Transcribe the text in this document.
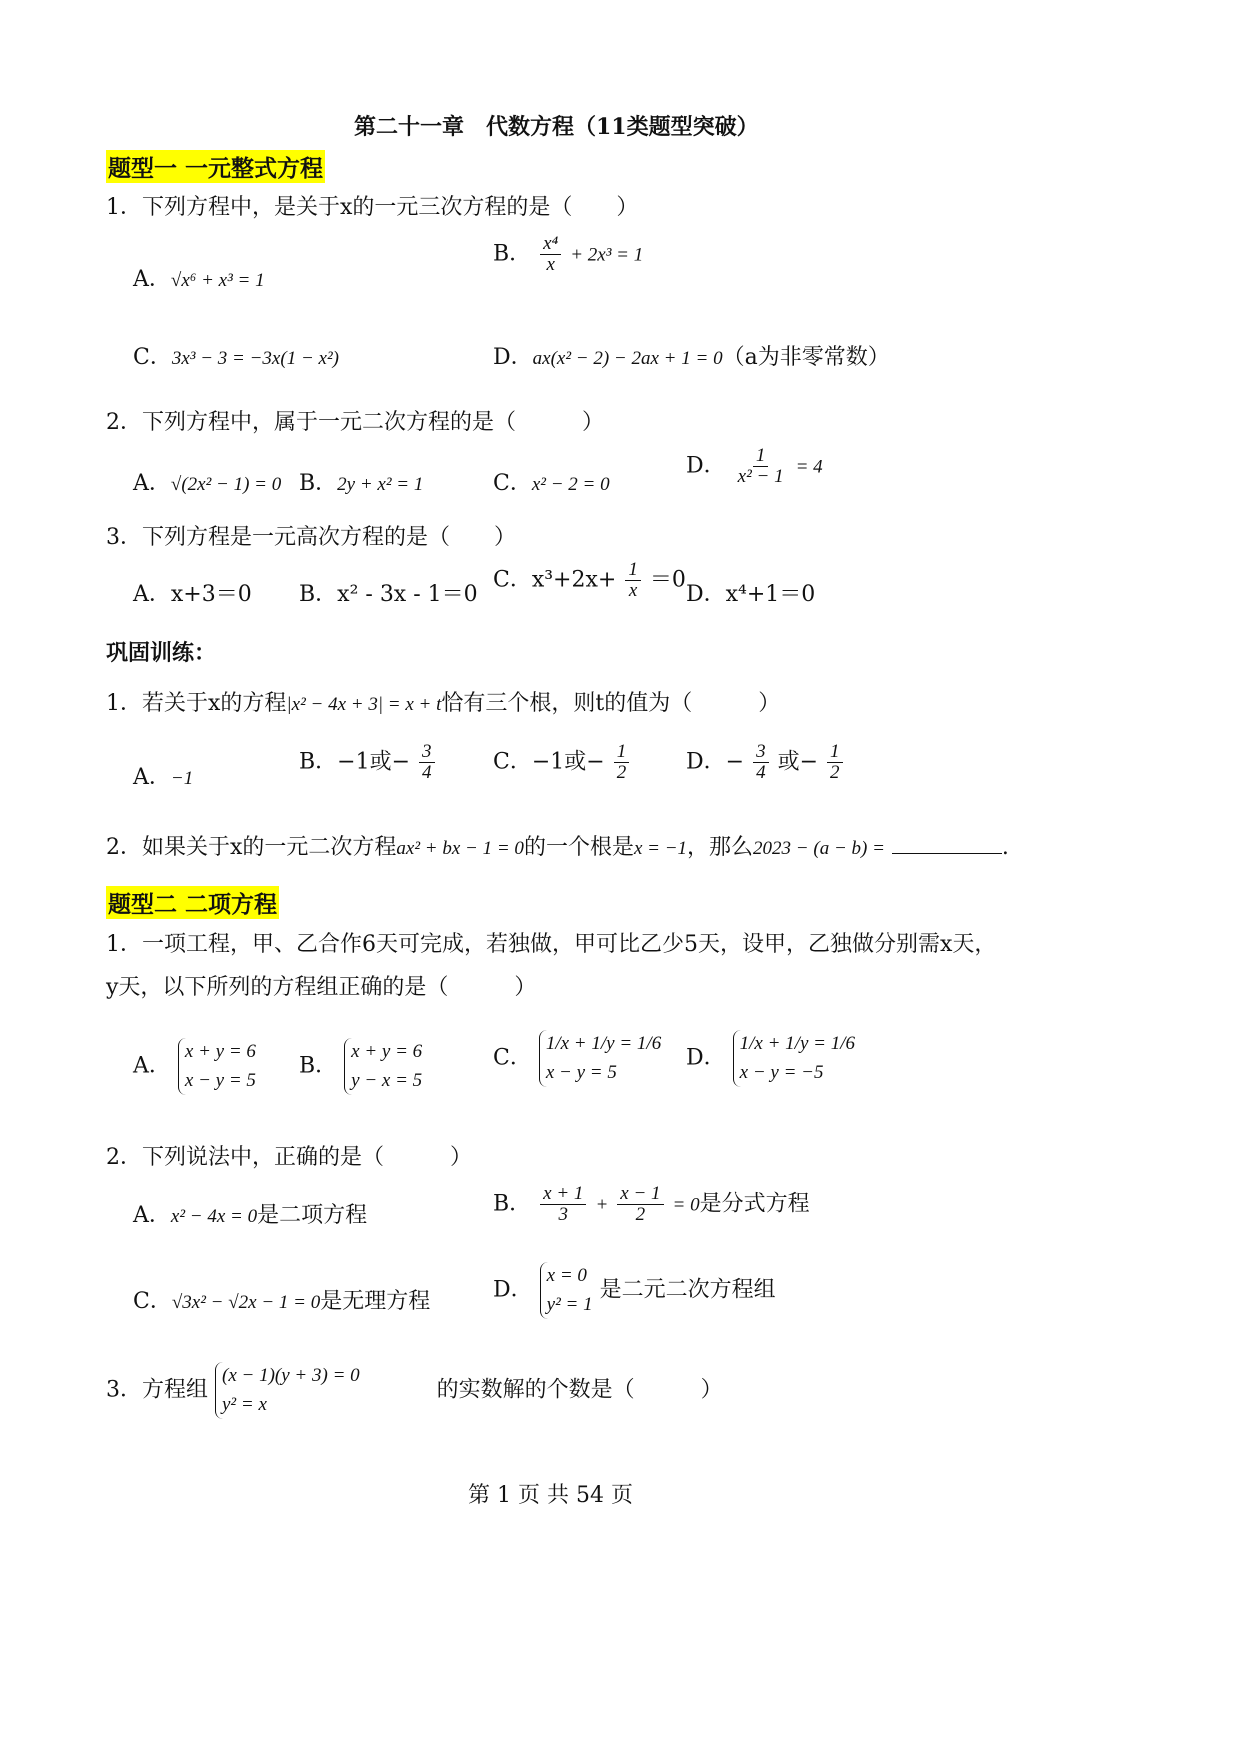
第二十一章　代数方程（11类题型突破）
题型一 一元整式方程
1．下列方程中，是关于x的一元三次方程的是（　　）
A．√x⁶ + x³ = 1
B． $\frac{\text{x⁴}}{x} + 2x^3 = 1$
C．3x³ − 3 = −3x(1 − x²)	D．ax(x² − 2) − 2ax + 1 = 0（a为非零常数）
2．下列方程中，属于一元二次方程的是（　　　）
A．√(2x² − 1) = 0 B．2y + x² = 1	C．x² − 2 = 0
D． $\frac{1}{\text{x² − 1}} = 4$
3．下列方程是一元高次方程的是（　　）
A．x+3＝0 B．x² - 3x - 1＝0
C．$x^3+2x+ \frac{1}{x} =0$
D．x⁴+1＝0
巩固训练：
1．若关于x的方程|x² − 4x + 3| = x + t恰有三个根，则t的值为（　　　）
A．−1
B．−1或− $\frac{3}{4}$	C．−1或− $\frac{1}{2}$	D．− $\frac{3}{4}$ 或− $\frac{1}{2}$
2．如果关于x的一元二次方程ax² + bx − 1 = 0的一个根是x = −1，那么2023 − (a − b) =	.
题型二 二项方程
1．一项工程，甲、乙合作6天可完成，若独做，甲可比乙少5天，设甲，乙独做分别需x天，
y天，以下所列的方程组正确的是（　　　）
A．
x + y = 6
x − y = 5
B．
x + y = 6
y − x = 5
C．
1/x + 1/y = 1/6
x − y = 5
D．
1/x + 1/y = 1/6
x − y = −5
2．下列说法中，正确的是（　　　）
A．x² − 4x = 0是二项方程	B． $\frac{x + 1}{3} + \frac{x - 1}{2} = 0$是分式方程
C．√3x² − √2x − 1 = 0是无理方程	D．
x = 0
y² = 1
是二元二次方程组
3．方程组
(x − 1)(y + 3) = 0
y² = x
的实数解的个数是（　　　）
第 1 页 共 54 页
